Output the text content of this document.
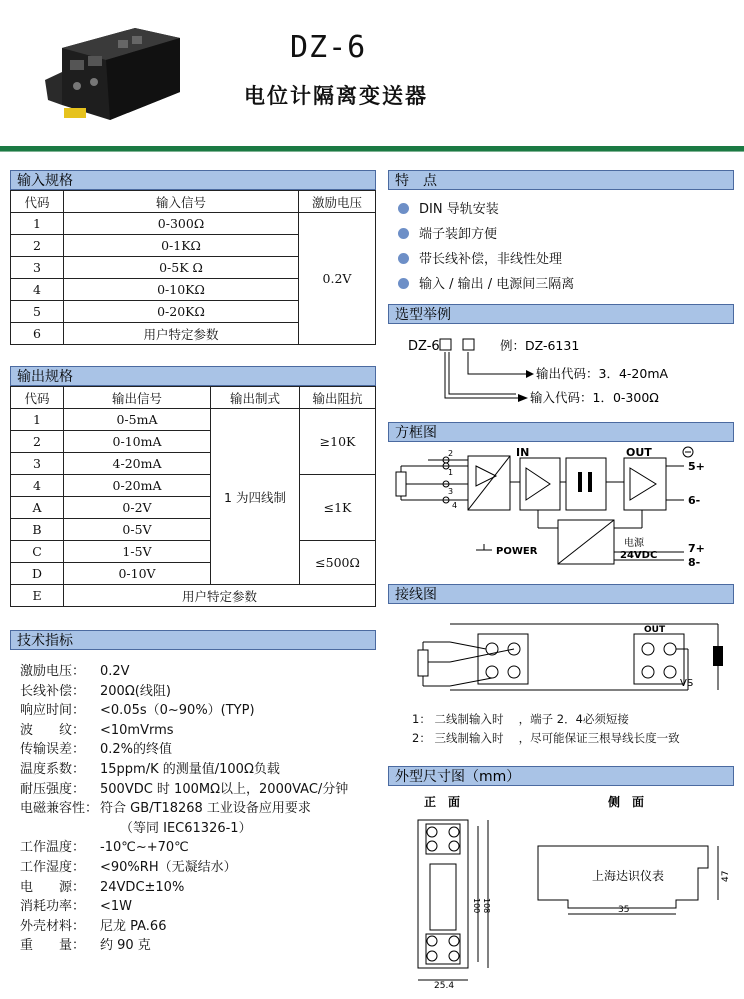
DZ-6
电位计隔离变送器
输入规格
代码	输入信号	激励电压
1	0-300Ω	0.2V
2	0-1KΩ	
3	0-5K Ω	
4	0-10KΩ	
5	0-20KΩ	
6	用户特定参数	
输出规格
代码	输出信号	输出制式	输出阻抗
1	0-5mA	1 为四线制	≥10K
2	0-10mA		
3	4-20mA		
4	0-20mA		≤1K
A	0-2V		
B	0-5V		
C	1-5V		≤500Ω
D	0-10V		
E	用户特定参数		
技术指标
激励电压： 0.2V
长线补偿： 200Ω(线阻)
响应时间： <0.05s（0~90%）(TYP)
波　　纹： <10mVrms
传输误差： 0.2%的终值
温度系数： 15ppm/K 的测量值/100Ω负载
耐压强度： 500VDC 时 100MΩ以上，2000VAC/分钟
电磁兼容性： 符合 GB/T18268 工业设备应用要求
（等同 IEC61326-1）
工作温度： -10℃~+70℃
工作湿度： <90%RH（无凝结水）
电　　源： 24VDC±10%
消耗功率： <1W
外壳材料： 尼龙 PA.66
重　　量： 约 90 克
特　点
DIN 导轨安装
端子装卸方便
带长线补偿，非线性处理
输入 / 输出 / 电源间三隔离
选型举例
DZ-6	例：DZ-6131
输出代码：3．4-20mA
输入代码：1．0-300Ω
方框图
2
1
3
4
IN	OUT
5+
6-
7+
8-
POWER
电源
24VDC
接线图
OUT
VS
1： 二线制输入时　 ，端子 2．4必须短接
2： 三线制输入时　 ，尽可能保证三根导线长度一致
外型尺寸图（mm）
正　面	侧　面
100 108
25.4
35
47
上海达识仪表
